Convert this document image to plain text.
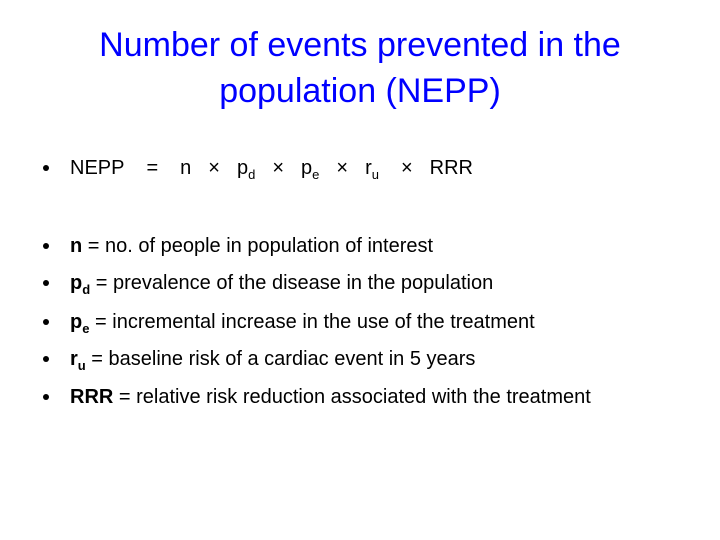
Number of events prevented in the
population (NEPP)
NEPP = n × pd × pe × ru × RRR
n = no. of people in population of interest
$p_d$ = prevalence of the disease in the population
$p_e$ = incremental increase in the use of the treatment
$r_u$ = baseline risk of a cardiac event in 5 years
RRR = relative risk reduction associated with the treatment
